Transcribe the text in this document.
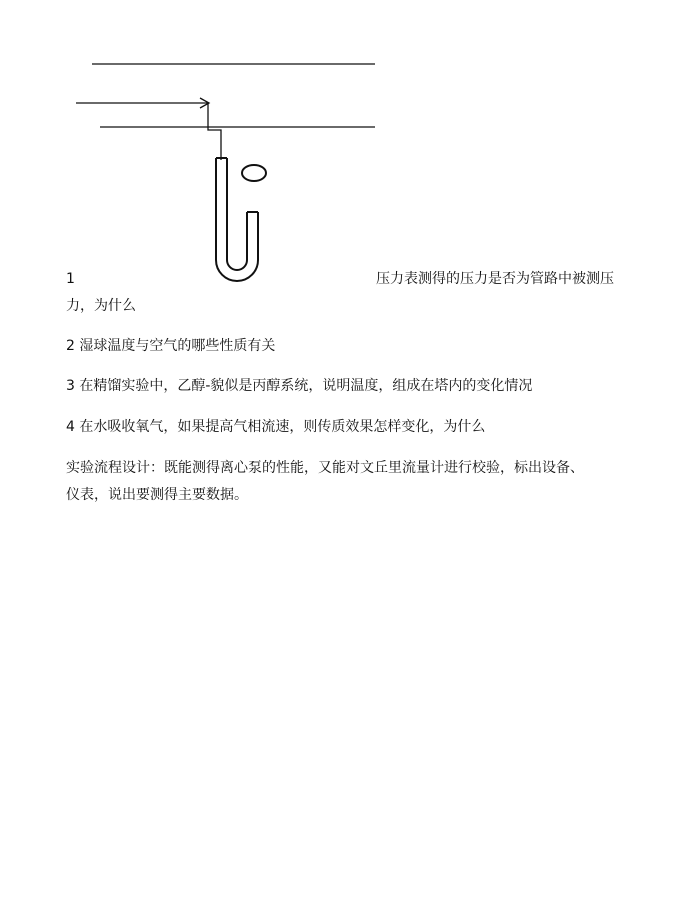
1	压力表测得的压力是否为管路中被测压
力，为什么
2 湿球温度与空气的哪些性质有关
3 在精馏实验中，乙醇-貌似是丙醇系统，说明温度，组成在塔内的变化情况
4 在水吸收氧气，如果提高气相流速，则传质效果怎样变化，为什么
实验流程设计：既能测得离心泵的性能，又能对文丘里流量计进行校验，标出设备、
仪表，说出要测得主要数据。
